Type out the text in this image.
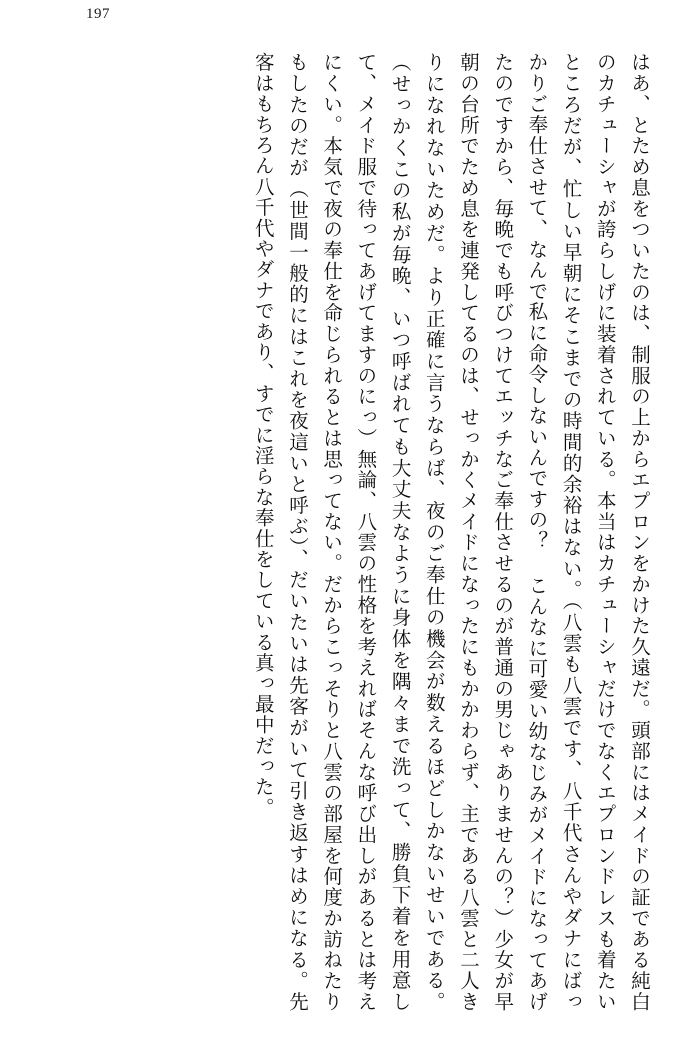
197

はあ、とため息をついたのは、制服の上からエプロンをかけた久遠だ。頭部にはメイドの証である純白のカチューシャが誇らしげに装着されている。本当はカチューシャだけでなくエプロンドレスも着たいところだが、忙しい早朝にそこまでの時間的余裕はない。（八雲も八雲です、八千代さんやダナにばっかりご奉仕させて、なんで私に命令しないんですの？ こんなに可愛い幼なじみがメイドになってあげたのですから、毎晩でも呼びつけてエッチなご奉仕させるのが普通の男じゃありませんの？）少女が早朝の台所でため息を連発してるのは、せっかくメイドになったにもかかわらず、主である八雲と二人きりになれないためだ。より正確に言うならば、夜のご奉仕の機会が数えるほどしかないせいである。（せっかくこの私が毎晩、いつ呼ばれても大丈夫なように身体を隅々まで洗って、勝負下着を用意して、メイド服で待ってあげてますのにっ）無論、八雲の性格を考えればそんな呼び出しがあるとは考えにくい。本気で夜の奉仕を命じられるとは思ってない。だからこっそりと八雲の部屋を何度か訪ねたりもしたのだが（世間一般的にはこれを夜這いと呼ぶ）、だいたいは先客がいて引き返すはめになる。先客はもちろん八千代やダナであり、すでに淫らな奉仕をしている真っ最中だった。
